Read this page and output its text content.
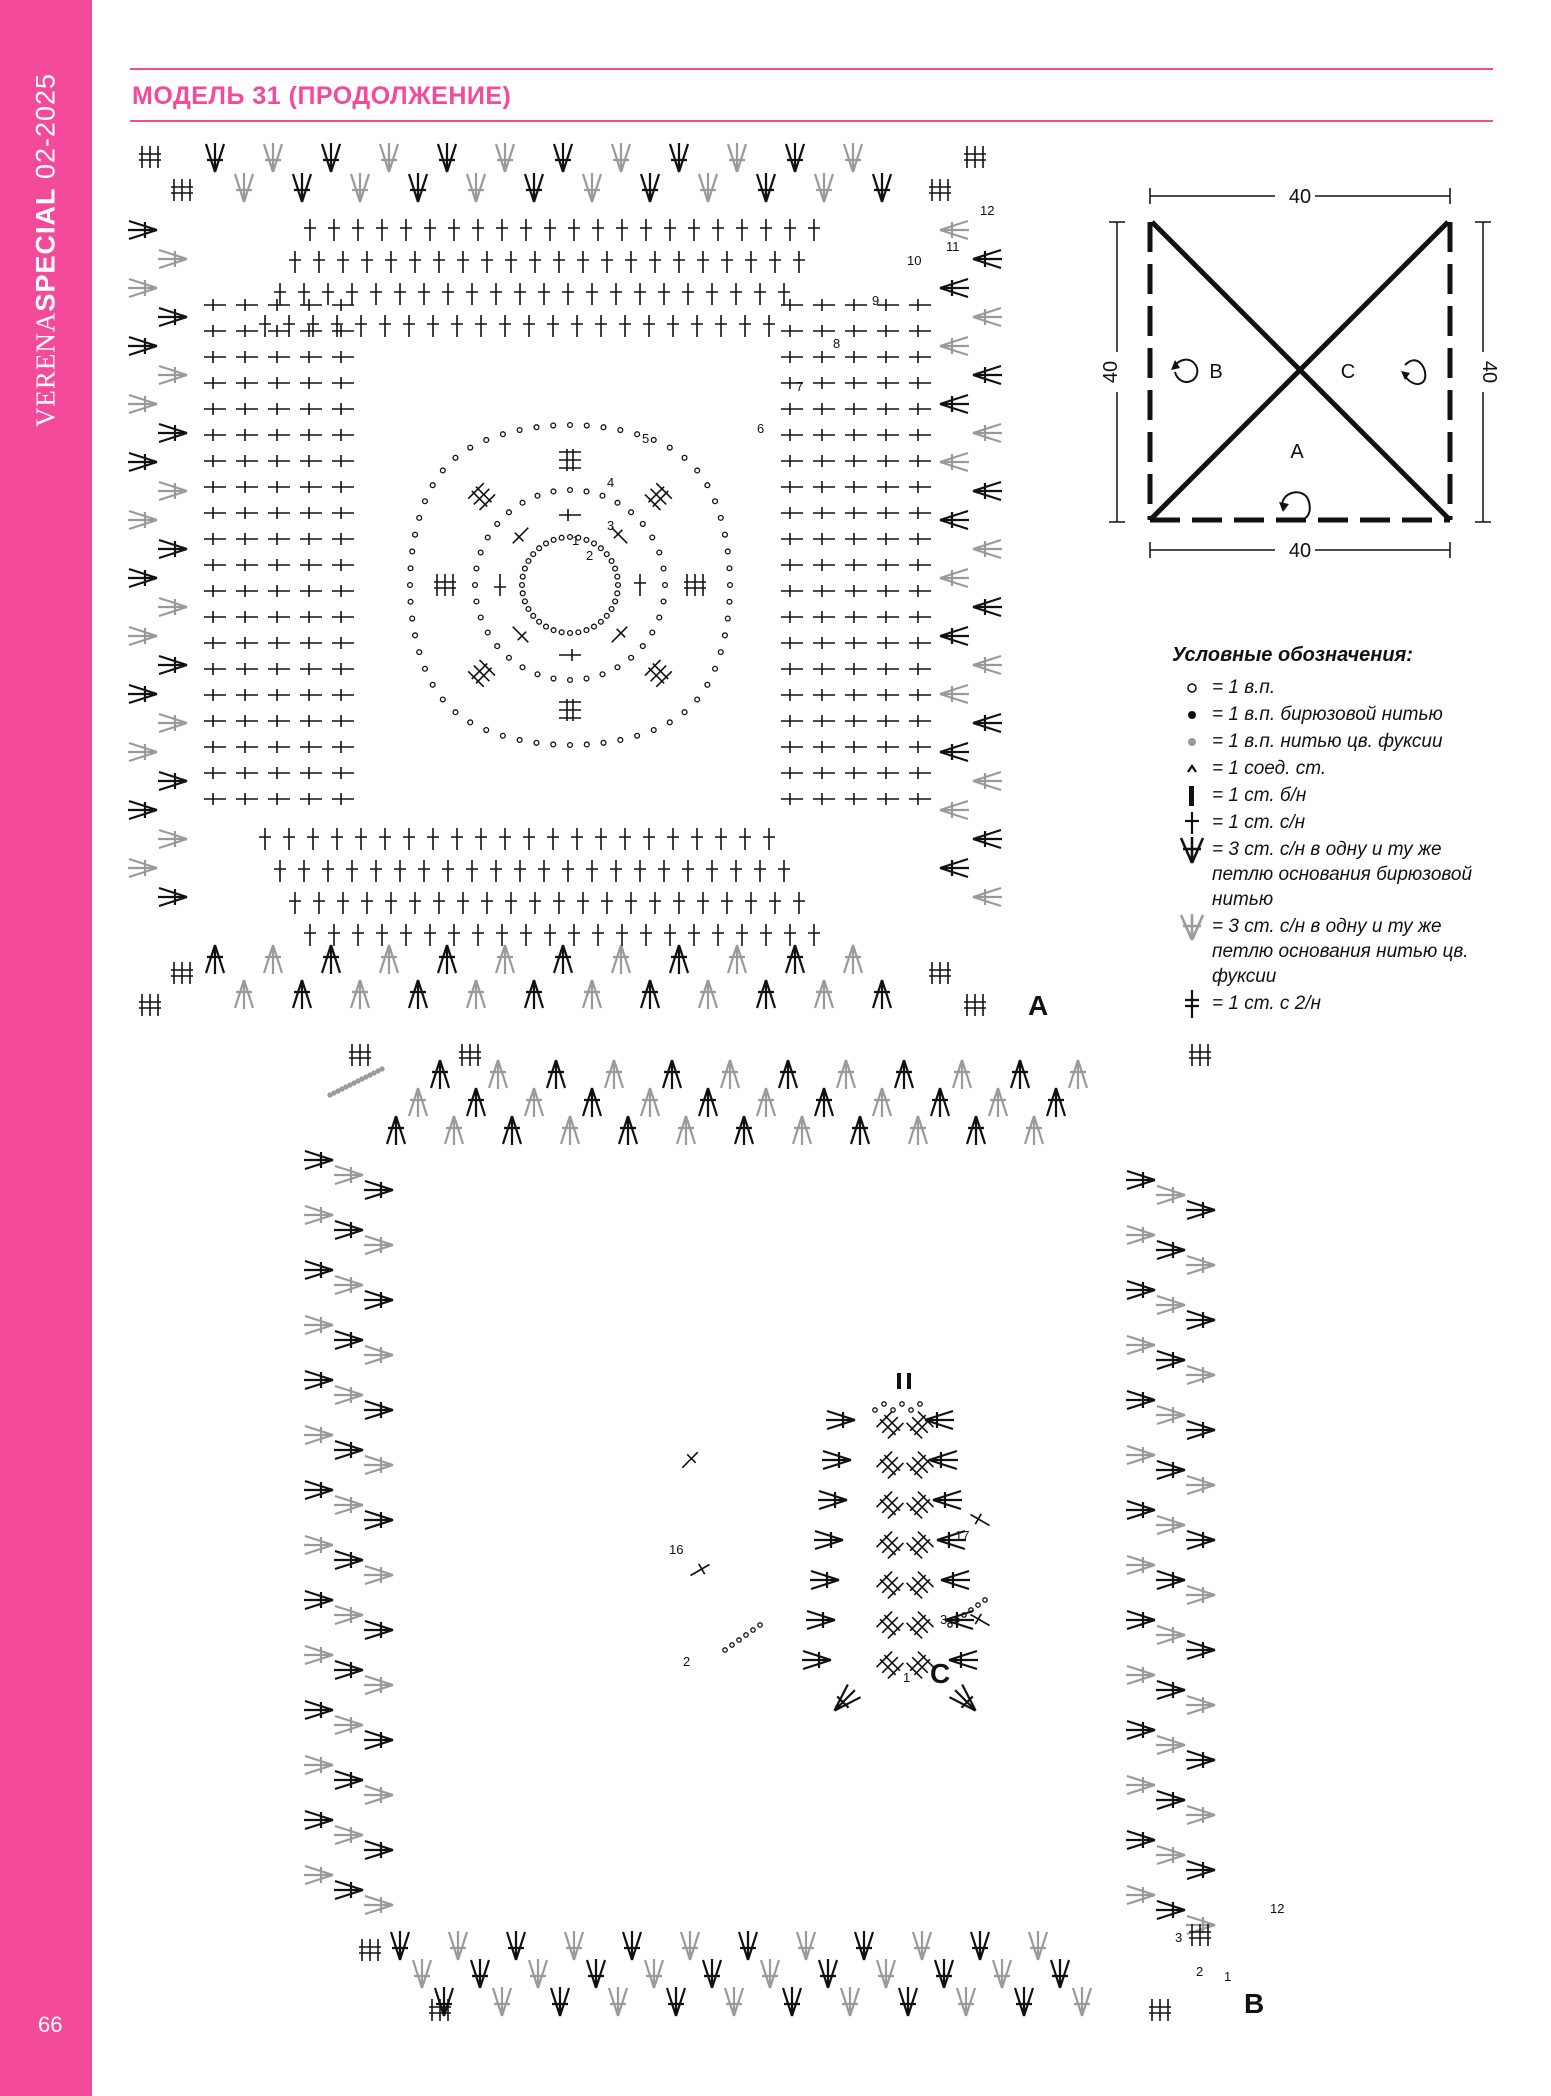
VERENASPECIAL 02-2025
66
МОДЕЛЬ 31 (ПРОДОЛЖЕНИЕ)
1
2
3
4
5
6
7
8
9
10
11
12
A
1
2
3
12
1
2
3
16
17
B
C
40
40
40	40
A
B	C
Условные обозначения:
= 1 в.п.
= 1 в.п. бирюзовой нитью
= 1 в.п. нитью цв. фуксии
= 1 соед. ст.
= 1 ст. б/н
= 1 ст. с/н
= 3 ст. с/н в одну и ту же петлю основания бирюзовой нитью
= 3 ст. с/н в одну и ту же петлю основания нитью цв. фуксии
= 1 ст. с 2/н
